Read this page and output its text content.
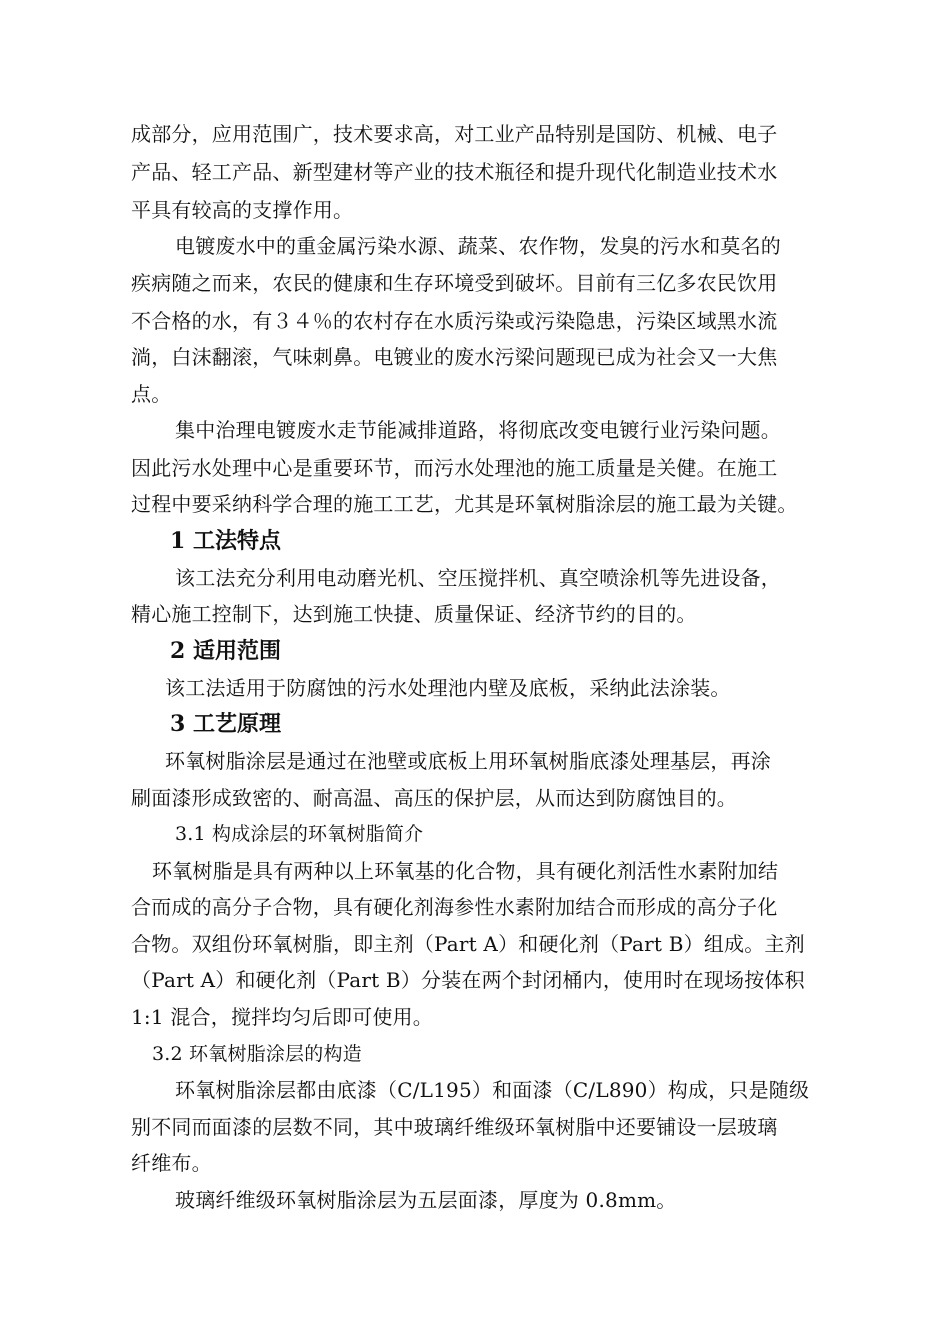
成部分，应用范围广，技术要求高，对工业产品特别是国防、机械、电子
产品、轻工产品、新型建材等产业的技术瓶径和提升现代化制造业技术水
平具有较高的支撑作用。
电镀废水中的重金属污染水源、蔬菜、农作物，发臭的污水和莫名的
疾病随之而来，农民的健康和生存环境受到破坏。目前有三亿多农民饮用
不合格的水，有３４％的农村存在水质污染或污染隐患，污染区域黑水流
淌，白沫翻滚，气味刺鼻。电镀业的废水污梁问题现已成为社会又一大焦
点。
集中治理电镀废水走节能减排道路，将彻底改变电镀行业污染问题。
因此污水处理中心是重要环节，而污水处理池的施工质量是关健。在施工
过程中要采纳科学合理的施工工艺，尤其是环氧树脂涂层的施工最为关键。
1 工法特点
该工法充分利用电动磨光机、空压搅拌机、真空喷涂机等先进设备，
精心施工控制下，达到施工快捷、质量保证、经济节约的目的。
2 适用范围
该工法适用于防腐蚀的污水处理池内壁及底板，采纳此法涂装。
3 工艺原理
环氧树脂涂层是通过在池壁或底板上用环氧树脂底漆处理基层，再涂
刷面漆形成致密的、耐高温、高压的保护层，从而达到防腐蚀目的。
3.1 构成涂层的环氧树脂简介
环氧树脂是具有两种以上环氧基的化合物，具有硬化剂活性水素附加结
合而成的高分子合物，具有硬化剂海参性水素附加结合而形成的高分子化
合物。双组份环氧树脂，即主剂（Part A）和硬化剂（Part B）组成。主剂
（Part A）和硬化剂（Part B）分装在两个封闭桶内，使用时在现场按体积
1:1 混合，搅拌均匀后即可使用。
3.2 环氧树脂涂层的构造
环氧树脂涂层都由底漆（C/L195）和面漆（C/L890）构成，只是随级
别不同而面漆的层数不同，其中玻璃纤维级环氧树脂中还要铺设一层玻璃
纤维布。
玻璃纤维级环氧树脂涂层为五层面漆，厚度为 0.8mm。
